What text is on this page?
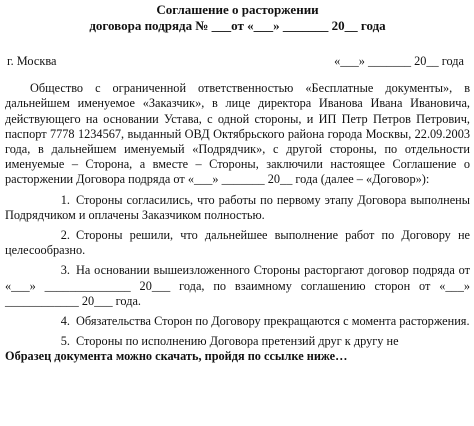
Соглашение о расторжении
договора подряда № ___от «___» _______ 20__ года
г. Москва	«___» _______ 20__ года

Общество с ограниченной ответственностью «Бесплатные документы», в дальнейшем именуемое «Заказчик», в лице директора Иванова Ивана Ивановича, действующего на основании Устава, с одной стороны, и ИП Петр Петров Петрович, паспорт 7778 1234567, выданный ОВД Октябрьского района города Москвы, 22.09.2003 года, в дальнейшем именуемый «Подрядчик», с другой стороны, по отдельности именуемые – Сторона, а вместе – Стороны, заключили настоящее Соглашение о расторжении Договора подряда от «___» _______ 20__ года (далее – «Договор»):

1. Стороны согласились, что работы по первому этапу Договора выполнены Подрядчиком и оплачены Заказчиком полностью.

2. Стороны решили, что дальнейшее выполнение работ по Договору не целесообразно.

3. На основании вышеизложенного Стороны расторгают договор подряда от «___» ______________ 20___ года, по взаимному соглашению сторон от «___» ____________ 20___ года.

4. Обязательства Сторон по Договору прекращаются с момента расторжения.

5. Стороны по исполнению Договора претензий друг к другу не

Образец документа можно скачать, пройдя по ссылке ниже…
